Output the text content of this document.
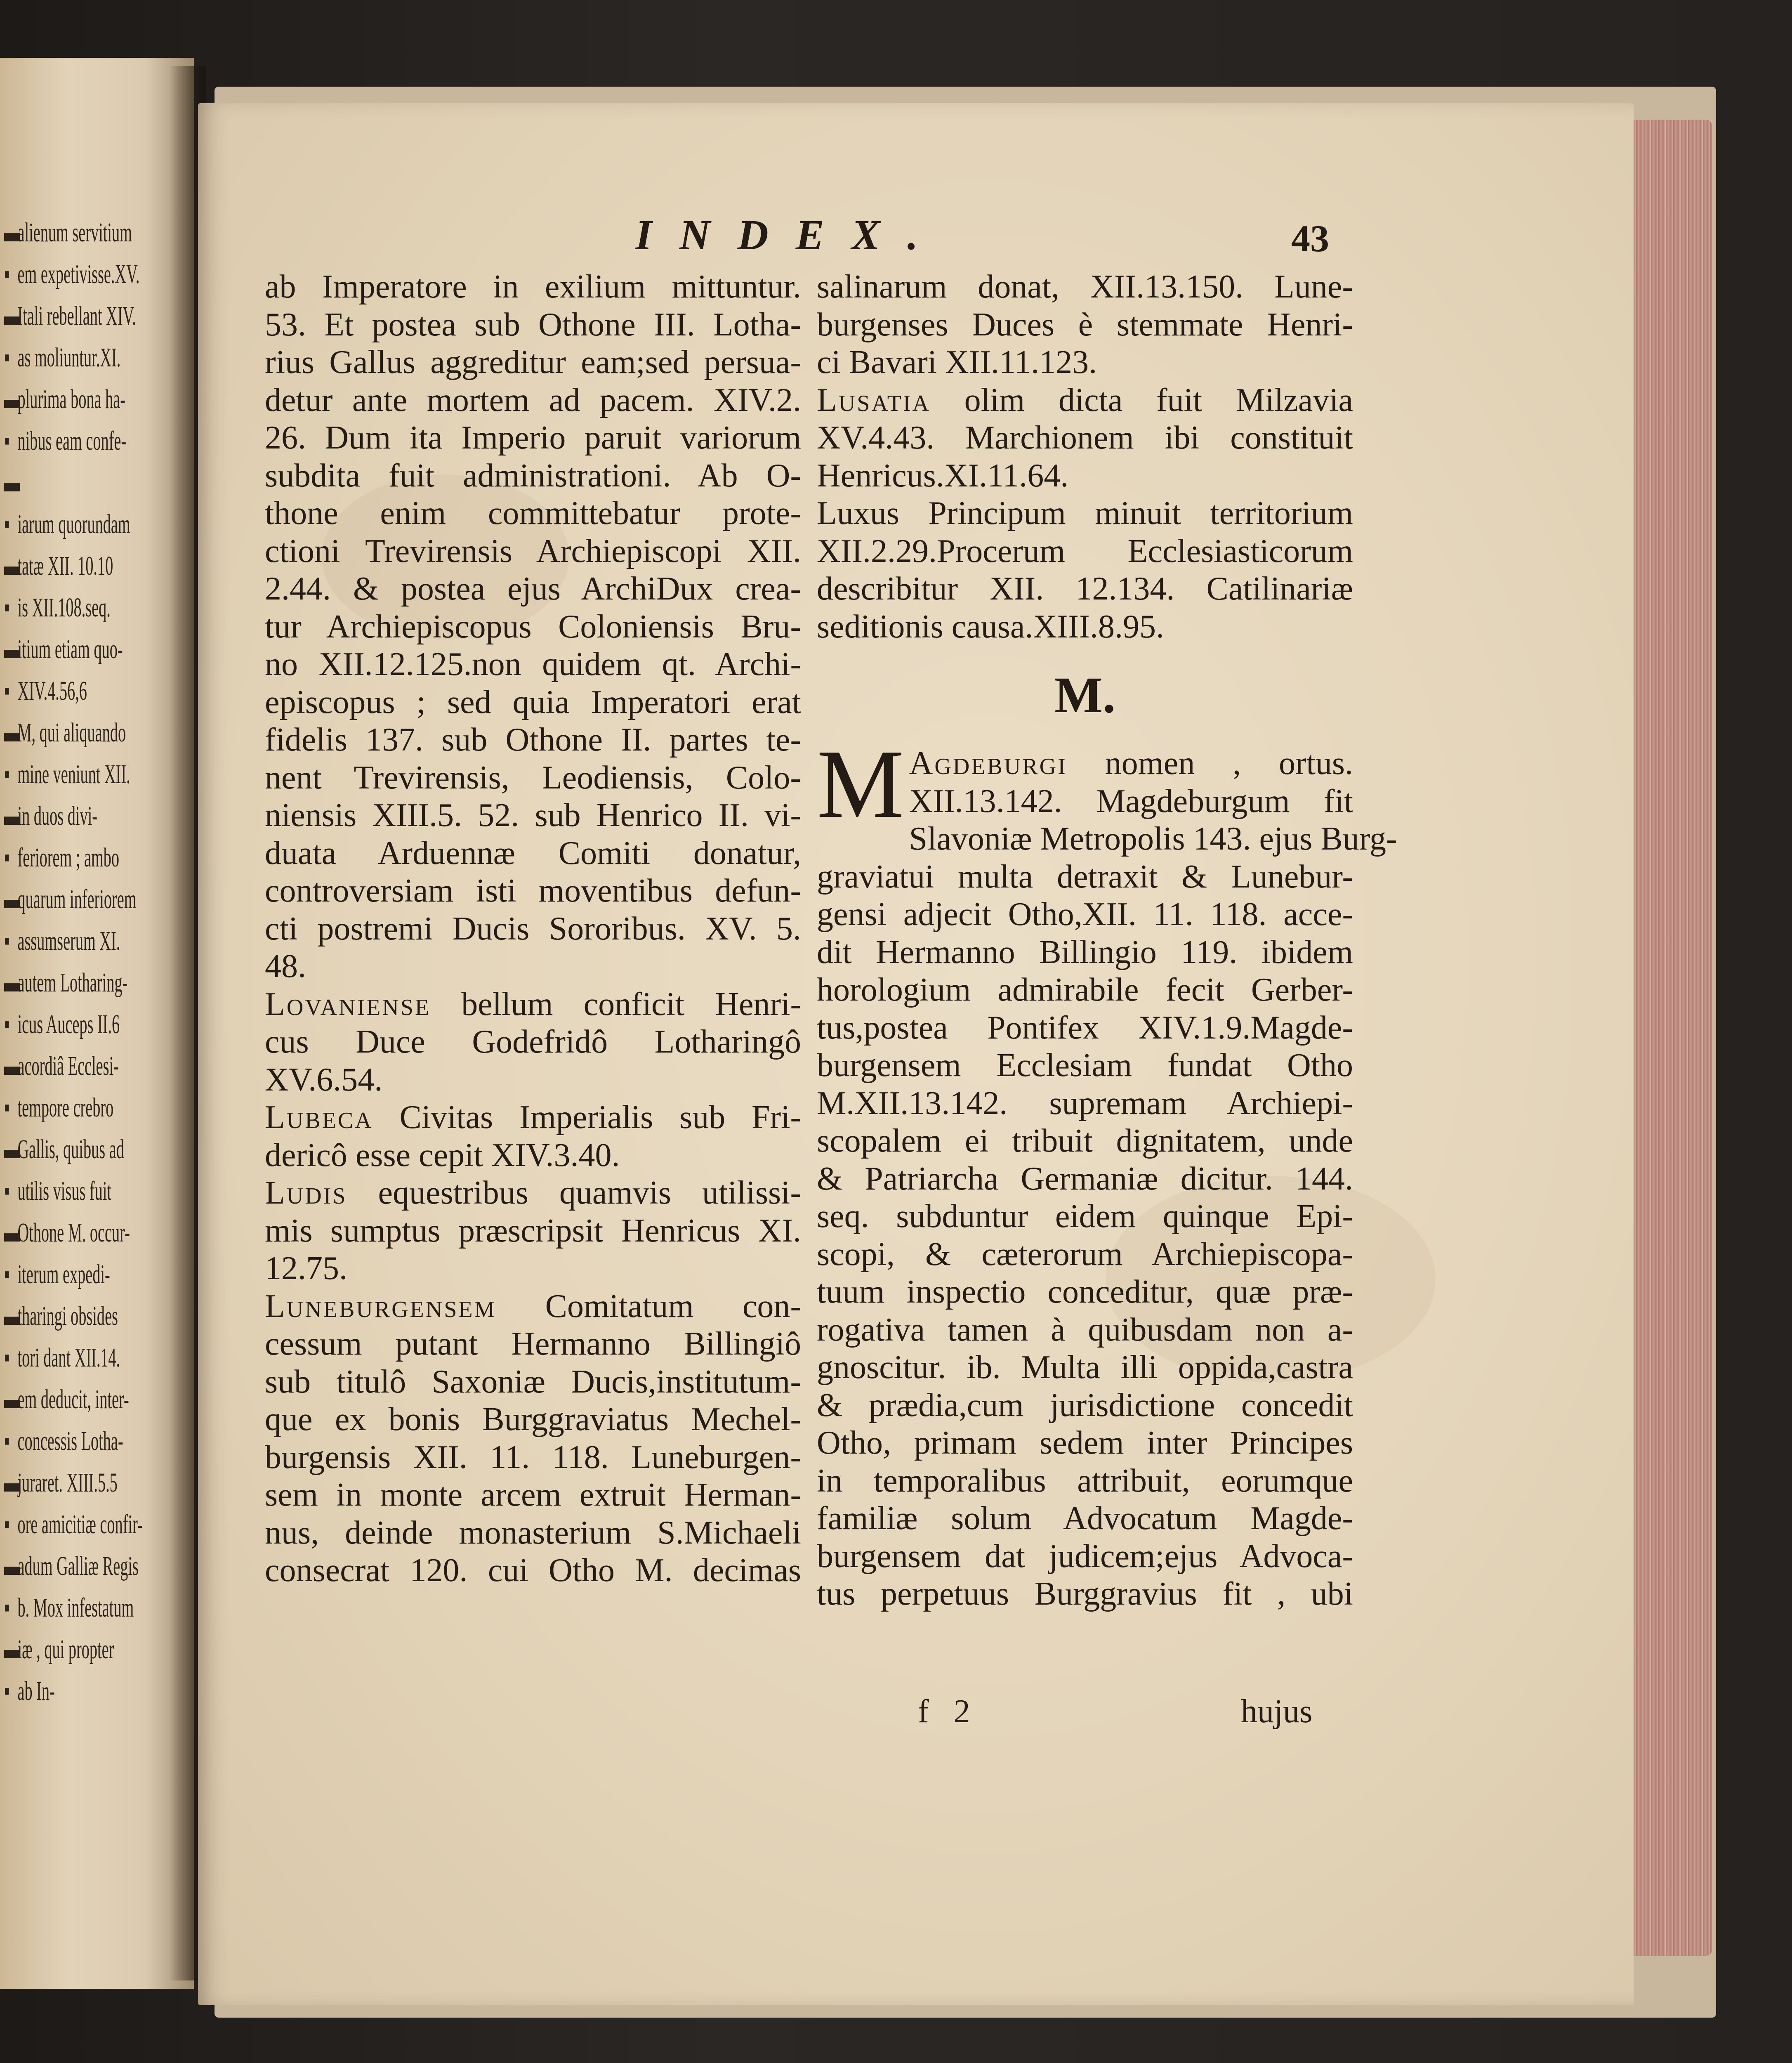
▬alienum servitium
▪ em expetivisse.XV.
▬Itali rebellant XIV.
▪ as moliuntur.XI.
▬plurima bona ha-
▪ nibus eam confe-
▬
▪ iarum quorundam
▬tatæ XII. 10.10
▪ is XII.108.seq.
▬itium etiam quo-
▪ XIV.4.56,6
▬M, qui aliquando
▪ mine veniunt XII.
▬in duos divi-
▪ feriorem ; ambo
▬quarum inferiorem
▪ assumserum XI.
▬autem Lotharing-
▪ icus Auceps II.6
▬acordiâ Ecclesi-
▪ tempore crebro
▬Gallis, quibus ad
▪ utilis visus fuit
▬Othone M. occur-
▪ iterum expedi-
▬tharingi obsides
▪ tori dant XII.14.
▬em deducit, inter-
▪ concessis Lotha-
▬juraret. XIII.5.5
▪ ore amicitiæ confir-
▬adum Galliæ Regis
▪ b. Mox infestatum
▬iæ , qui propter
▪ ab In-
INDEX.	43
ab Imperatore in exilium mittuntur.
53. Et postea sub Othone III. Lotha-
rius Gallus aggreditur eam;sed persua-
detur ante mortem ad pacem. XIV.2.
26. Dum ita Imperio paruit variorum
subdita fuit administrationi. Ab O-
thone enim committebatur prote-
ctioni Trevirensis Archiepiscopi XII.
2.44. & postea ejus ArchiDux crea-
tur Archiepiscopus Coloniensis Bru-
no XII.12.125.non quidem qt. Archi-
episcopus ; sed quia Imperatori erat
fidelis 137. sub Othone II. partes te-
nent Trevirensis, Leodiensis, Colo-
niensis XIII.5. 52. sub Henrico II. vi-
duata Arduennæ Comiti donatur,
controversiam isti moventibus defun-
cti postremi Ducis Sororibus. XV. 5.
48.
Lovaniense bellum conficit Henri-
cus Duce Godefridô Lotharingô
XV.6.54.
Lubeca Civitas Imperialis sub Fri-
dericô esse cepit XIV.3.40.
Ludis equestribus quamvis utilissi-
mis sumptus præscripsit Henricus XI.
12.75.
Luneburgensem Comitatum con-
cessum putant Hermanno Billingiô
sub titulô Saxoniæ Ducis,institutum-
que ex bonis Burggraviatus Mechel-
burgensis XII. 11. 118. Luneburgen-
sem in monte arcem extruit Herman-
nus, deinde monasterium S.Michaeli
consecrat 120. cui Otho M. decimas
salinarum donat, XII.13.150. Lune-
burgenses Duces è stemmate Henri-
ci Bavari XII.11.123.
Lusatia olim dicta fuit Milzavia
XV.4.43. Marchionem ibi constituit
Henricus.XI.11.64.
Luxus Principum minuit territorium
XII.2.29.Procerum Ecclesiasticorum
describitur XII. 12.134. Catilinariæ
seditionis causa.XIII.8.95.
M.
M Agdeburgi nomen , ortus.
XII.13.142. Magdeburgum fit
Slavoniæ Metropolis 143. ejus Burg-
graviatui multa detraxit & Lunebur-
gensi adjecit Otho,XII. 11. 118. acce-
dit Hermanno Billingio 119. ibidem
horologium admirabile fecit Gerber-
tus,postea Pontifex XIV.1.9.Magde-
burgensem Ecclesiam fundat Otho
M.XII.13.142. supremam Archiepi-
scopalem ei tribuit dignitatem, unde
& Patriarcha Germaniæ dicitur. 144.
seq. subduntur eidem quinque Epi-
scopi, & cæterorum Archiepiscopa-
tuum inspectio conceditur, quæ præ-
rogativa tamen à quibusdam non a-
gnoscitur. ib. Multa illi oppida,castra
& prædia,cum jurisdictione concedit
Otho, primam sedem inter Principes
in temporalibus attribuit, eorumque
familiæ solum Advocatum Magde-
burgensem dat judicem;ejus Advoca-
tus perpetuus Burggravius fit , ubi
f 2	hujus
